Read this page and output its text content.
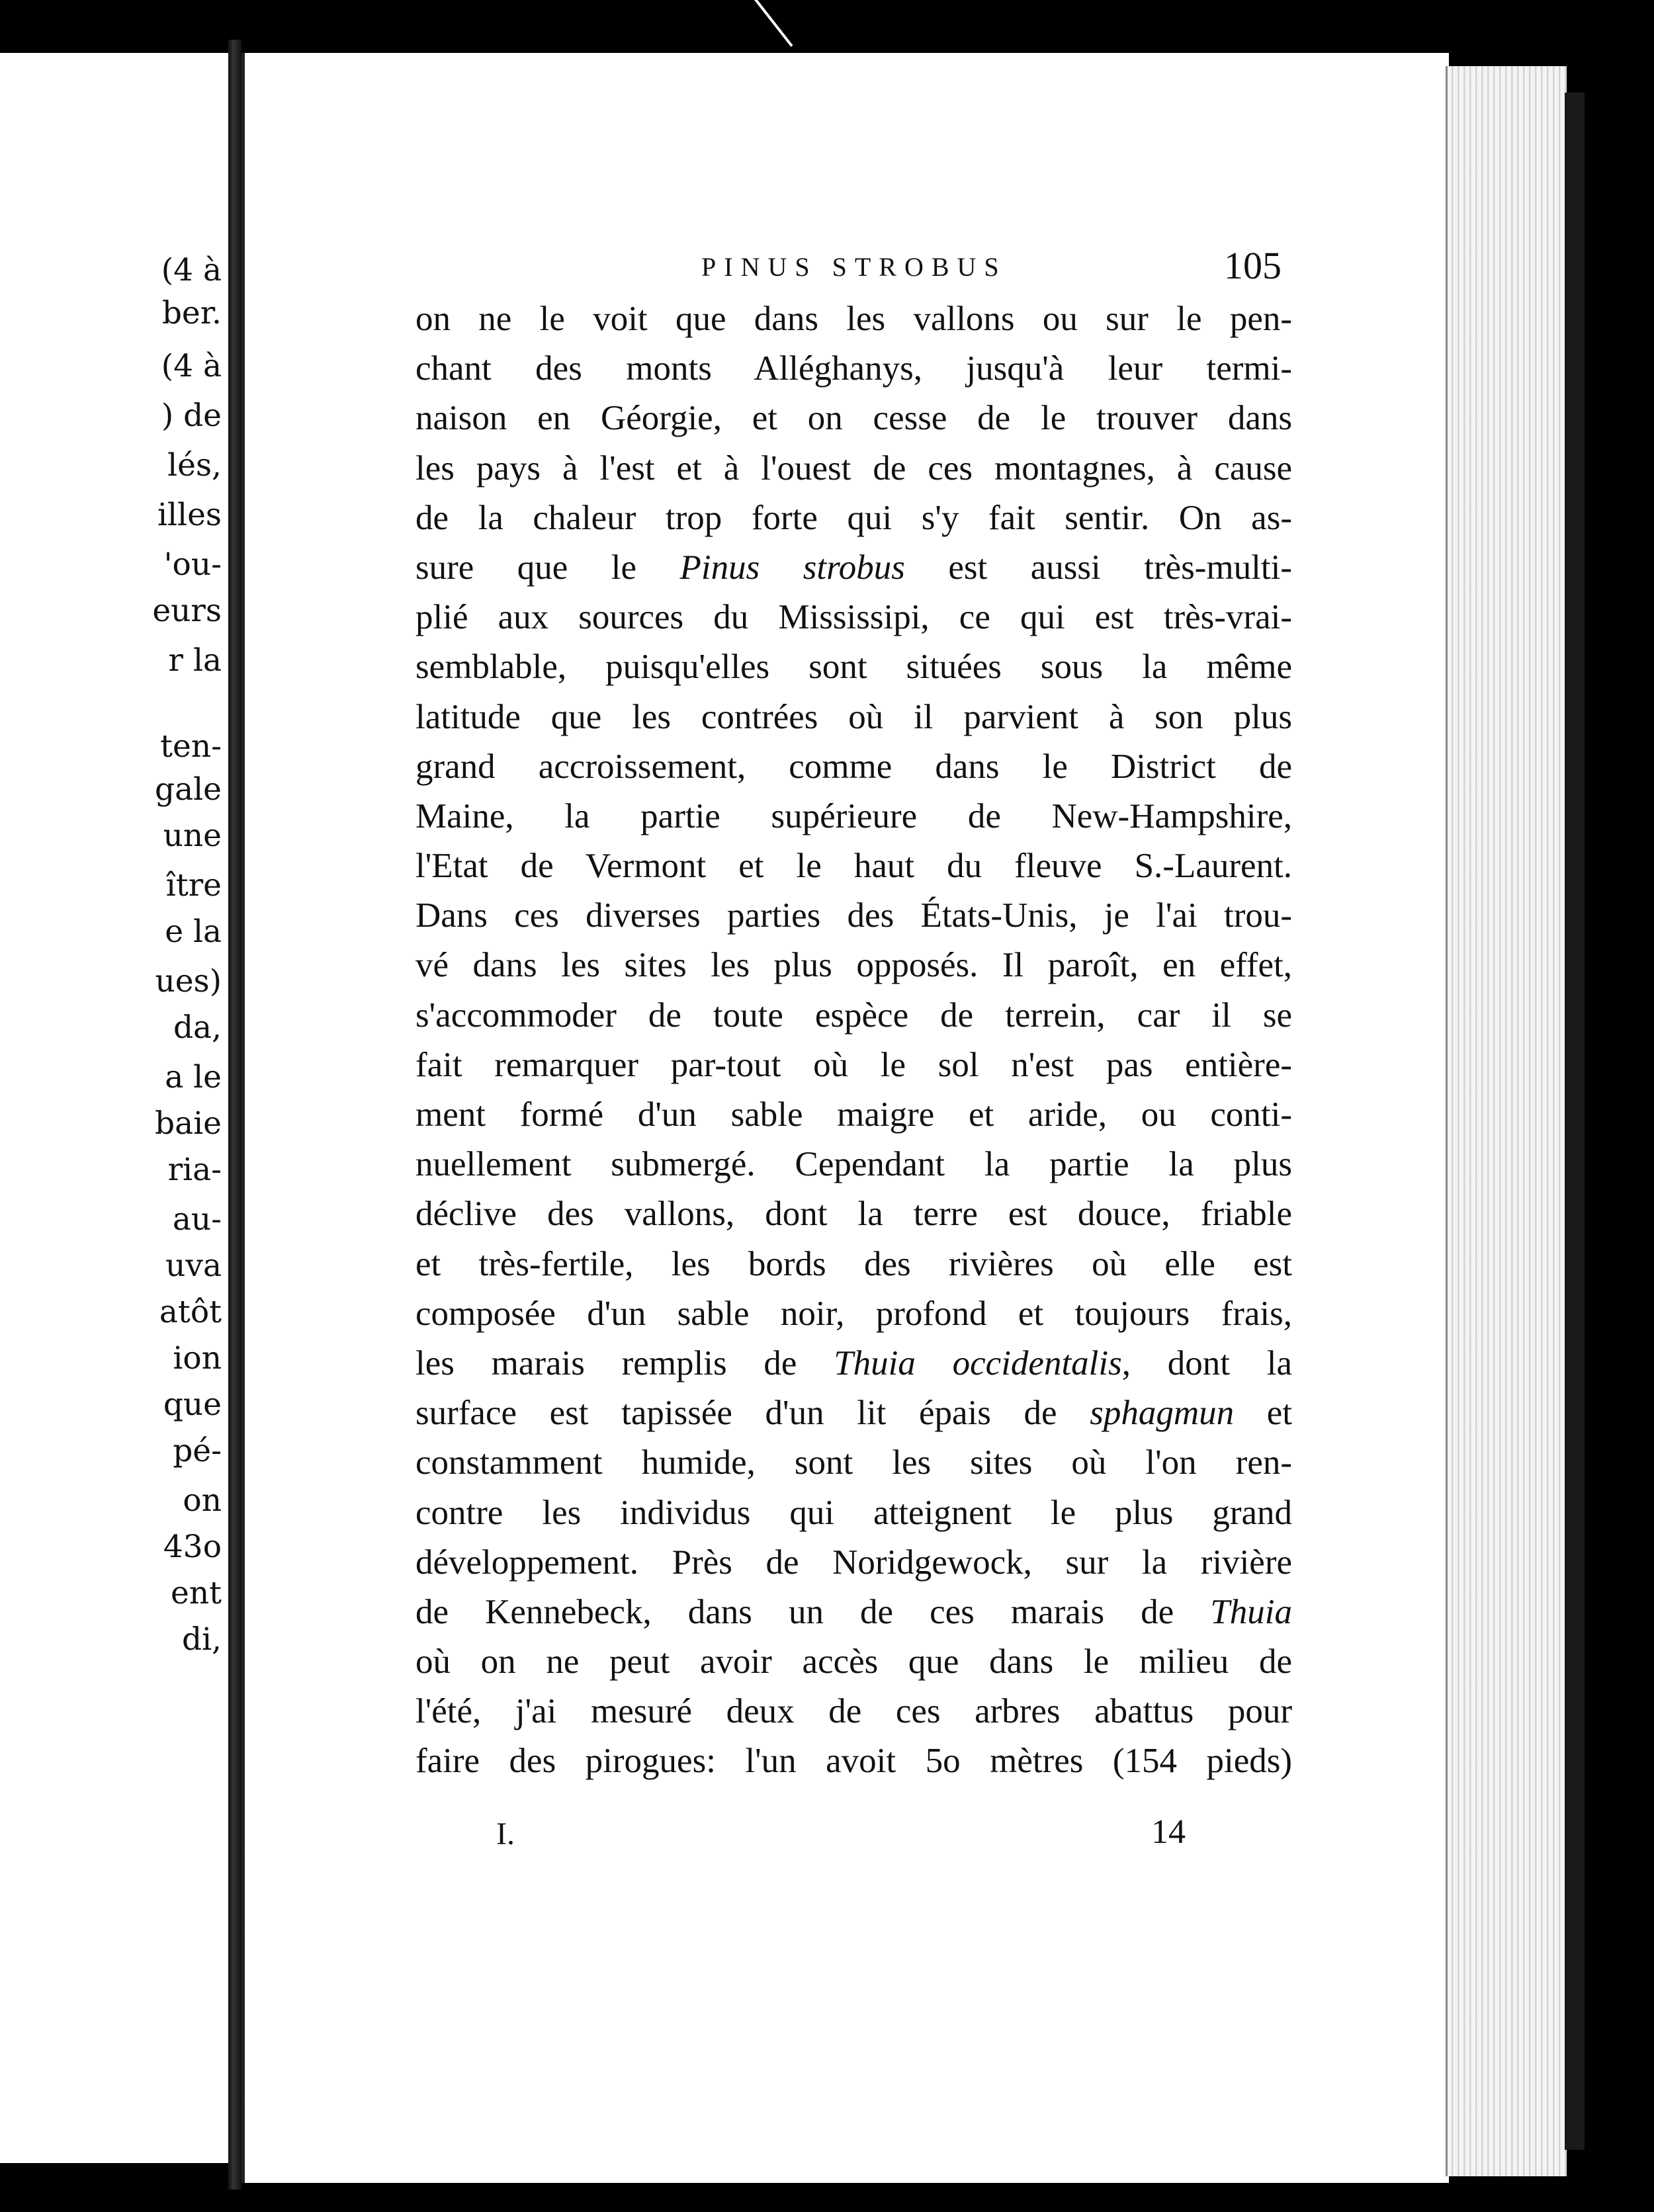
(4 à
ber.
(4 à
) de
lés,
illes
'ou-
eurs
r la
ten-
gale
une
ître
e la
ues)
da,
a le
baie
ria-
au-
uva
atôt
ion
que
pé-
on
43o
ent
di,
PINUS STROBUS	105
on ne le voit que dans les vallons ou sur le pen-
chant des monts Alléghanys, jusqu'à leur termi-
naison en Géorgie, et on cesse de le trouver dans
les pays à l'est et à l'ouest de ces montagnes, à cause
de la chaleur trop forte qui s'y fait sentir. On as-
sure que le Pinus strobus est aussi très-multi-
plié aux sources du Mississipi, ce qui est très-vrai-
semblable, puisqu'elles sont situées sous la même
latitude que les contrées où il parvient à son plus
grand accroissement, comme dans le District de
Maine, la partie supérieure de New-Hampshire,
l'Etat de Vermont et le haut du fleuve S.-Laurent.
Dans ces diverses parties des États-Unis, je l'ai trou-
vé dans les sites les plus opposés. Il paroît, en effet,
s'accommoder de toute espèce de terrein, car il se
fait remarquer par-tout où le sol n'est pas entière-
ment formé d'un sable maigre et aride, ou conti-
nuellement submergé. Cependant la partie la plus
déclive des vallons, dont la terre est douce, friable
et très-fertile, les bords des rivières où elle est
composée d'un sable noir, profond et toujours frais,
les marais remplis de Thuia occidentalis, dont la
surface est tapissée d'un lit épais de sphagmun et
constamment humide, sont les sites où l'on ren-
contre les individus qui atteignent le plus grand
développement. Près de Noridgewock, sur la rivière
de Kennebeck, dans un de ces marais de Thuia
où on ne peut avoir accès que dans le milieu de
l'été, j'ai mesuré deux de ces arbres abattus pour
faire des pirogues: l'un avoit 5o mètres (154 pieds)
I.	14
